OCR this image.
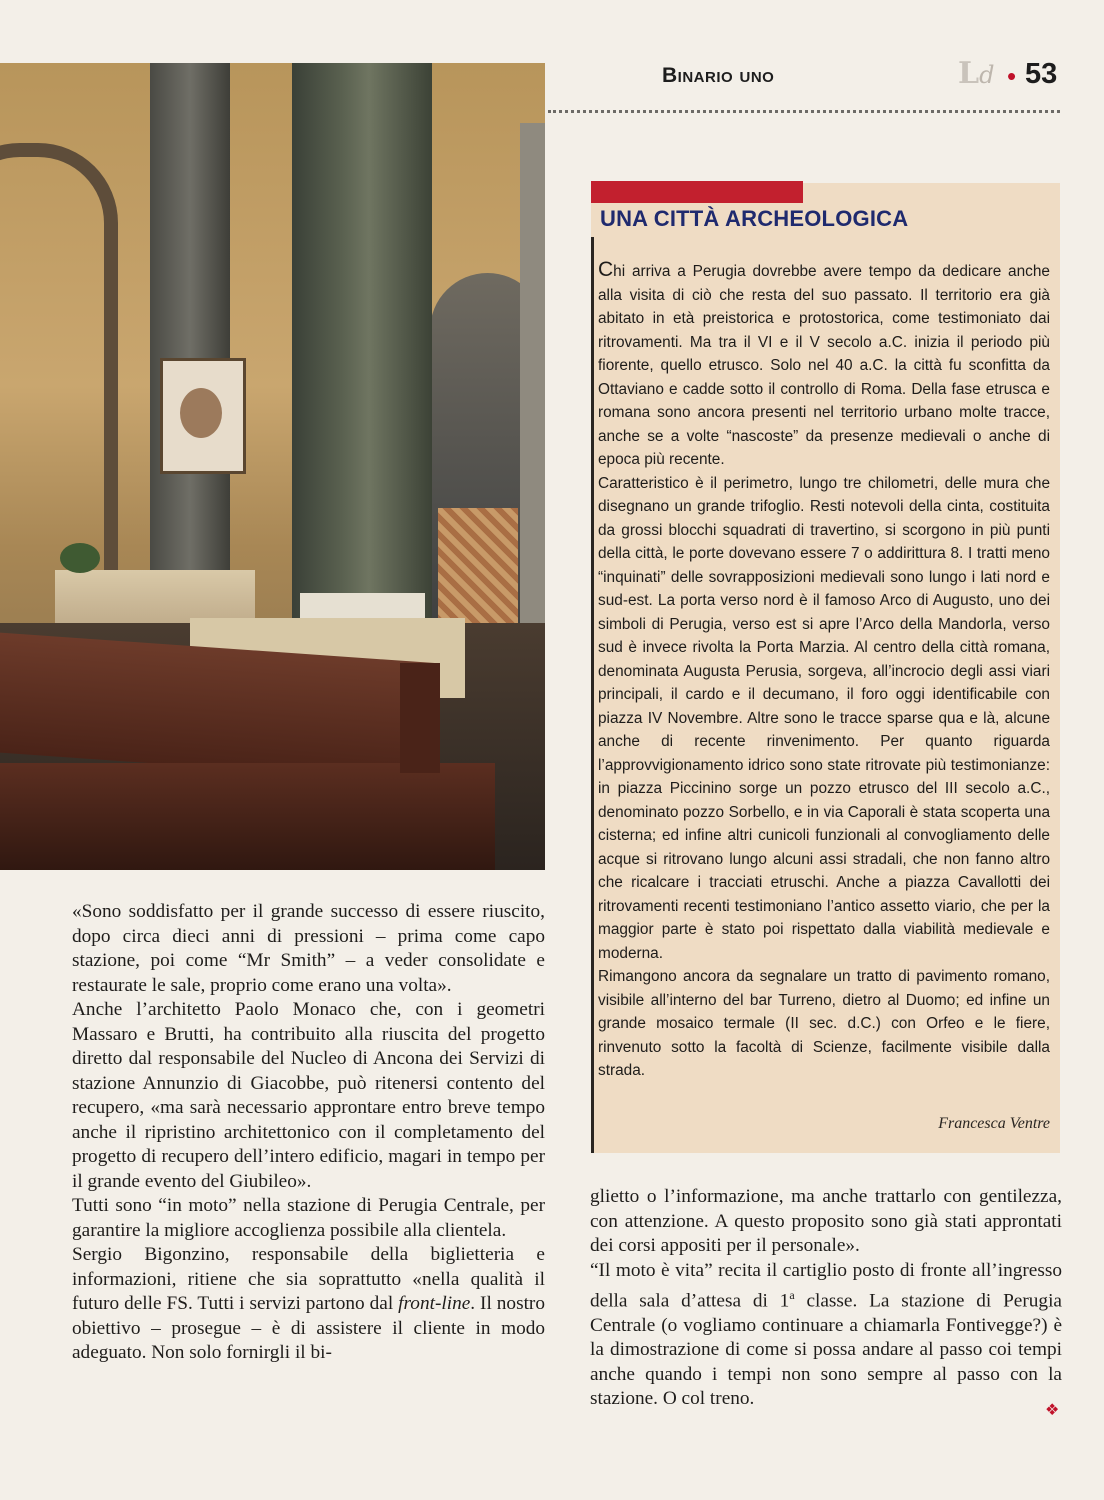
Binario uno	Ld • 53
UNA CITTÀ ARCHEOLOGICA

Chi arriva a Perugia dovrebbe avere tempo da dedicare anche alla visita di ciò che resta del suo passato. Il territorio era già abitato in età preistorica e protostorica, come testimoniato dai ritrovamenti. Ma tra il VI e il V secolo a.C. inizia il periodo più fiorente, quello etrusco. Solo nel 40 a.C. la città fu sconfitta da Ottaviano e cadde sotto il controllo di Roma. Della fase etrusca e romana sono ancora presenti nel territorio urbano molte tracce, anche se a volte “nascoste” da presenze medievali o anche di epoca più recente.

Caratteristico è il perimetro, lungo tre chilometri, delle mura che disegnano un grande trifoglio. Resti notevoli della cinta, costituita da grossi blocchi squadrati di travertino, si scorgono in più punti della città, le porte dovevano essere 7 o addirittura 8. I tratti meno “inquinati” delle sovrapposizioni medievali sono lungo i lati nord e sud-est. La porta verso nord è il famoso Arco di Augusto, uno dei simboli di Perugia, verso est si apre l’Arco della Mandorla, verso sud è invece rivolta la Porta Marzia. Al centro della città romana, denominata Augusta Perusia, sorgeva, all’incrocio degli assi viari principali, il cardo e il decumano, il foro oggi identificabile con piazza IV Novembre. Altre sono le tracce sparse qua e là, alcune anche di recente rinvenimento. Per quanto riguarda l’approvvigionamento idrico sono state ritrovate più testimonianze: in piazza Piccinino sorge un pozzo etrusco del III secolo a.C., denominato pozzo Sorbello, e in via Caporali è stata scoperta una cisterna; ed infine altri cunicoli funzionali al convogliamento delle acque si ritrovano lungo alcuni assi stradali, che non fanno altro che ricalcare i tracciati etruschi. Anche a piazza Cavallotti dei ritrovamenti recenti testimoniano l’antico assetto viario, che per la maggior parte è stato poi rispettato dalla viabilità medievale e moderna.

Rimangono ancora da segnalare un tratto di pavimento romano, visibile all’interno del bar Turreno, dietro al Duomo; ed infine un grande mosaico termale (II sec. d.C.) con Orfeo e le fiere, rinvenuto sotto la facoltà di Scienze, facilmente visibile dalla strada.

Francesca Ventre

«Sono soddisfatto per il grande successo di essere riuscito, dopo circa dieci anni di pressioni – prima come capo stazione, poi come “Mr Smith” – a veder consolidate e restaurate le sale, proprio come erano una volta».

Anche l’architetto Paolo Monaco che, con i geometri Massaro e Brutti, ha contribuito alla riuscita del progetto diretto dal responsabile del Nucleo di Ancona dei Servizi di stazione Annunzio di Giacobbe, può ritenersi contento del recupero, «ma sarà necessario approntare entro breve tempo anche il ripristino architettonico con il completamento del progetto di recupero dell’intero edificio, magari in tempo per il grande evento del Giubileo».

Tutti sono “in moto” nella stazione di Perugia Centrale, per garantire la migliore accoglienza possibile alla clientela.

Sergio Bigonzino, responsabile della biglietteria e informazioni, ritiene che sia soprattutto «nella qualità il futuro delle FS. Tutti i servizi partono dal front-line. Il nostro obiettivo – prosegue – è di assistere il cliente in modo adeguato. Non solo fornirgli il bi-

glietto o l’informazione, ma anche trattarlo con gentilezza, con attenzione. A questo proposito sono già stati approntati dei corsi appositi per il personale».

“Il moto è vita” recita il cartiglio posto di fronte all’ingresso della sala d’attesa di 1$^a$ classe. La stazione di Perugia Centrale (o vogliamo continuare a chiamarla Fontivegge?) è la dimostrazione di come si possa andare al passo coi tempi anche quando i tempi non sono sempre al passo con la stazione. O col treno.

❖
